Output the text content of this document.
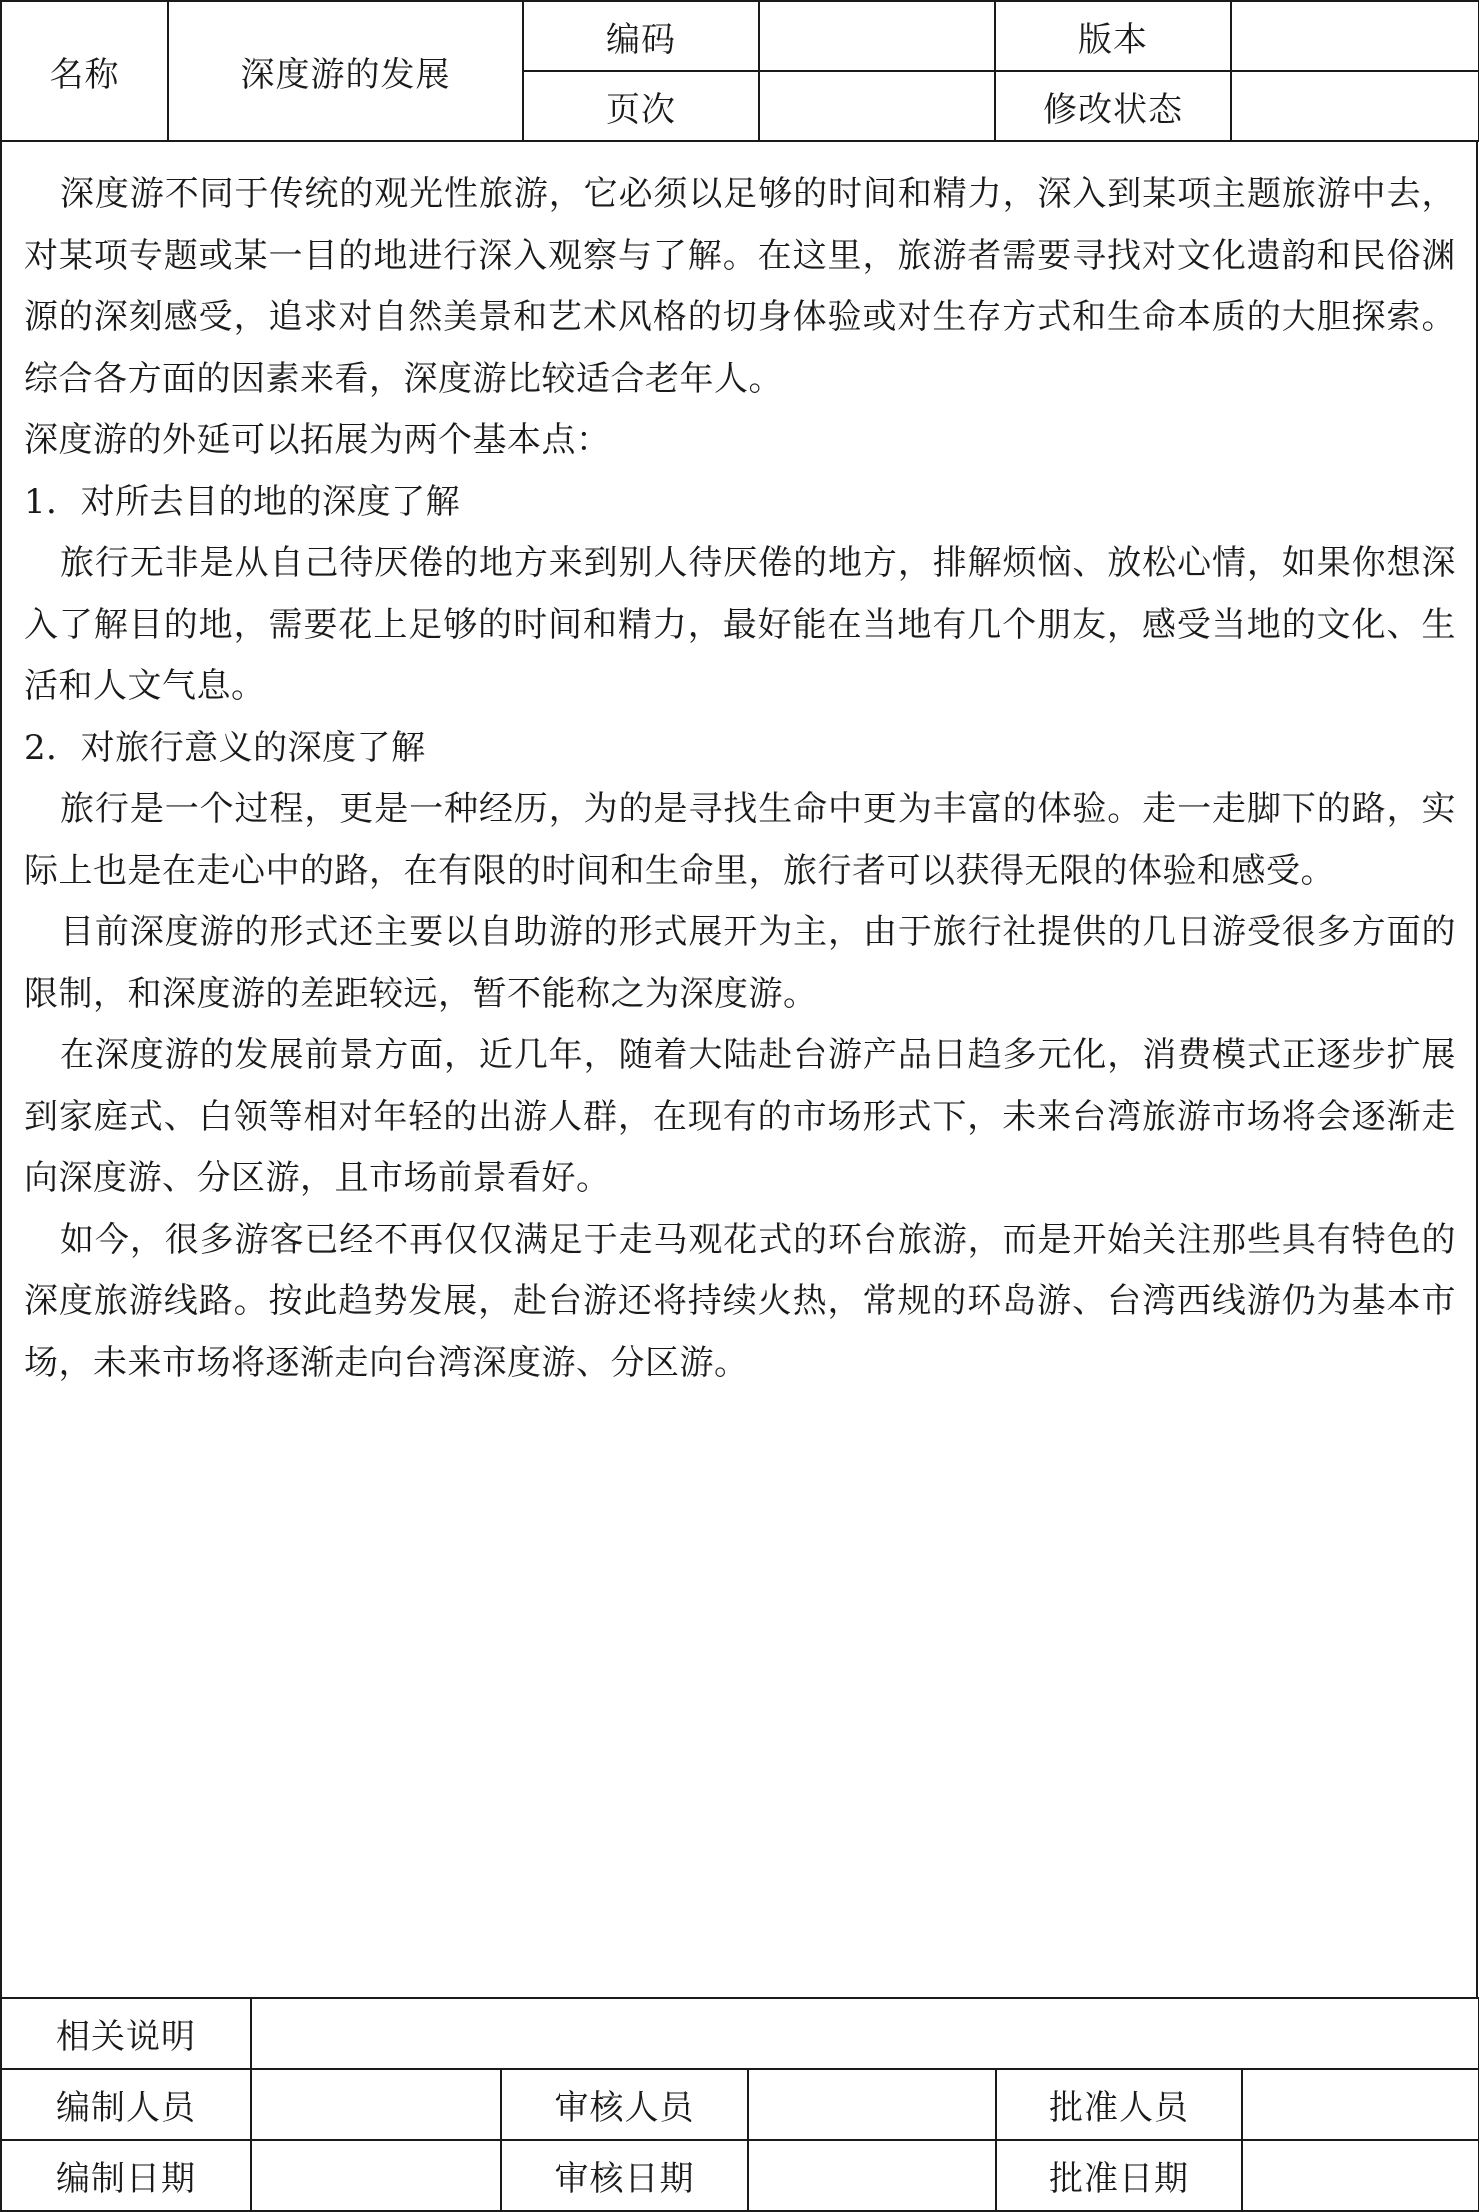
名称	深度游的发展	编码		版本	
		页次		修改状态	

深度游不同于传统的观光性旅游，它必须以足够的时间和精力，深入到某项主题旅游中去，对某项专题或某一目的地进行深入观察与了解。在这里，旅游者需要寻找对文化遗韵和民俗渊源的深刻感受，追求对自然美景和艺术风格的切身体验或对生存方式和生命本质的大胆探索。综合各方面的因素来看，深度游比较适合老年人。

深度游的外延可以拓展为两个基本点：

1．对所去目的地的深度了解

旅行无非是从自己待厌倦的地方来到别人待厌倦的地方，排解烦恼、放松心情，如果你想深入了解目的地，需要花上足够的时间和精力，最好能在当地有几个朋友，感受当地的文化、生活和人文气息。

2．对旅行意义的深度了解

旅行是一个过程，更是一种经历，为的是寻找生命中更为丰富的体验。走一走脚下的路，实际上也是在走心中的路，在有限的时间和生命里，旅行者可以获得无限的体验和感受。

目前深度游的形式还主要以自助游的形式展开为主，由于旅行社提供的几日游受很多方面的限制，和深度游的差距较远，暂不能称之为深度游。

在深度游的发展前景方面，近几年，随着大陆赴台游产品日趋多元化，消费模式正逐步扩展到家庭式、白领等相对年轻的出游人群，在现有的市场形式下，未来台湾旅游市场将会逐渐走向深度游、分区游，且市场前景看好。

如今，很多游客已经不再仅仅满足于走马观花式的环台旅游，而是开始关注那些具有特色的深度旅游线路。按此趋势发展，赴台游还将持续火热，常规的环岛游、台湾西线游仍为基本市场，未来市场将逐渐走向台湾深度游、分区游。

相关说明					
编制人员		审核人员		批准人员	
编制日期		审核日期		批准日期	
